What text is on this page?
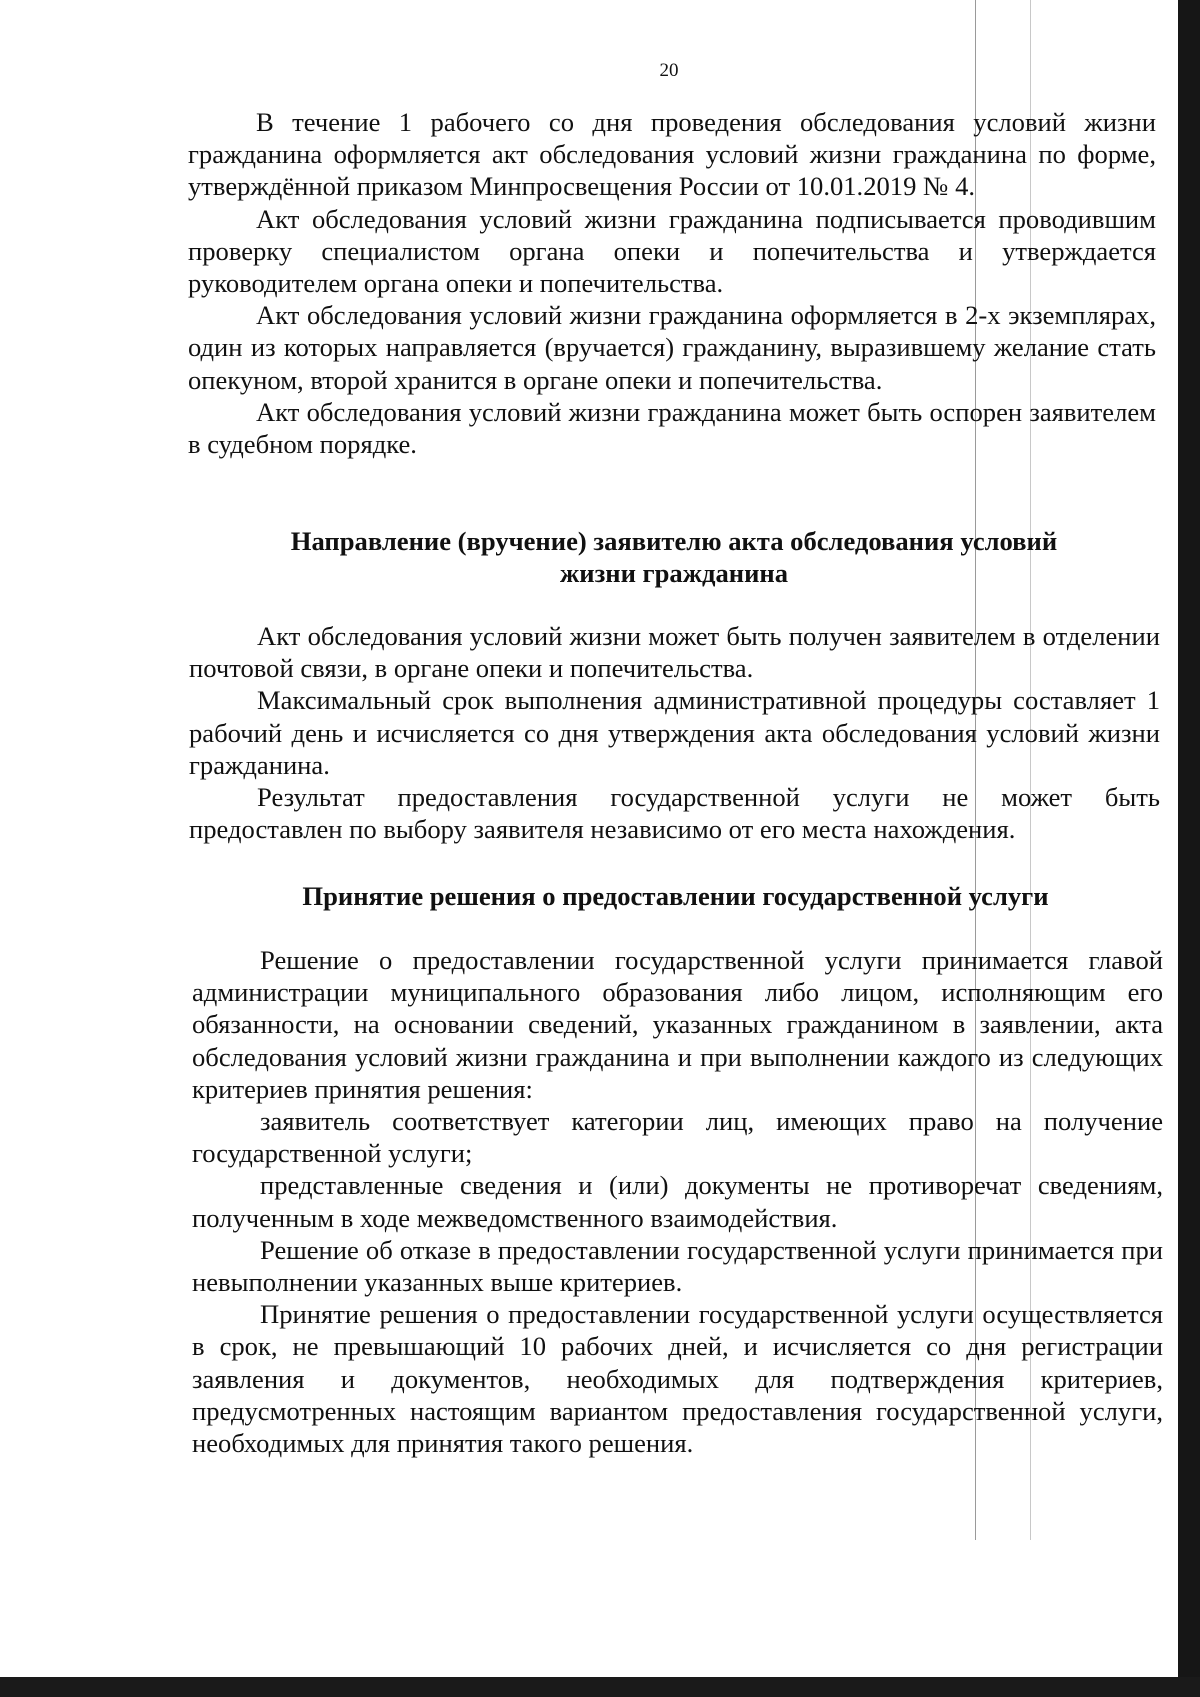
20

В течение 1 рабочего со дня проведения обследования условий жизни гражданина оформляется акт обследования условий жизни гражданина по форме, утверждённой приказом Минпросвещения России от 10.01.2019 № 4.

Акт обследования условий жизни гражданина подписывается проводившим проверку специалистом органа опеки и попечительства и утверждается руководителем органа опеки и попечительства.

Акт обследования условий жизни гражданина оформляется в 2-х экземплярах, один из которых направляется (вручается) гражданину, выразившему желание стать опекуном, второй хранится в органе опеки и попечительства.

Акт обследования условий жизни гражданина может быть оспорен заявителем в судебном порядке.

Направление (вручение) заявителю акта обследования условий

жизни гражданина

Акт обследования условий жизни может быть получен заявителем в отделении почтовой связи, в органе опеки и попечительства.

Максимальный срок выполнения административной процедуры составляет 1 рабочий день и исчисляется со дня утверждения акта обследования условий жизни гражданина.

Результат предоставления государственной услуги не может быть предоставлен по выбору заявителя независимо от его места нахождения.

Принятие решения о предоставлении государственной услуги

Решение о предоставлении государственной услуги принимается главой администрации муниципального образования либо лицом, исполняющим его обязанности, на основании сведений, указанных гражданином в заявлении, акта обследования условий жизни гражданина и при выполнении каждого из следующих критериев принятия решения:

заявитель соответствует категории лиц, имеющих право на получение государственной услуги;

представленные сведения и (или) документы не противоречат сведениям, полученным в ходе межведомственного взаимодействия.

Решение об отказе в предоставлении государственной услуги принимается при невыполнении указанных выше критериев.

Принятие решения о предоставлении государственной услуги осуществляется в срок, не превышающий 10 рабочих дней, и исчисляется со дня регистрации заявления и документов, необходимых для подтверждения критериев, предусмотренных настоящим вариантом предоставления государственной услуги, необходимых для принятия такого решения.
